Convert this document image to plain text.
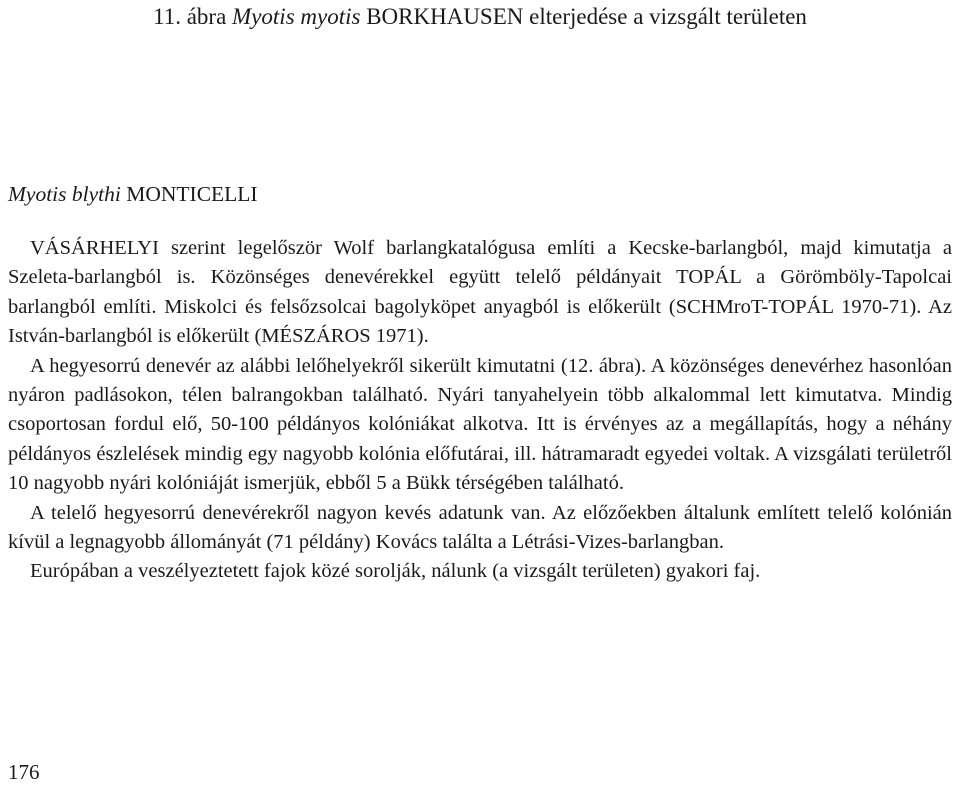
11. ábra Myotis myotis BORKHAUSEN elterjedése a vizsgált területen
Myotis blythi MONTICELLI

VÁSÁRHELYI szerint legelőször Wolf barlangkatalógusa említi a Kecske-barlangból, majd kimutatja a Szeleta-barlangból is. Közönséges denevérekkel együtt telelő példányait TOPÁL a Görömböly-Tapolcai barlangból említi. Miskolci és felsőzsolcai bagolyköpet anyagból is előkerült (SCHMroT-TOPÁL 1970-71). Az István-barlangból is előkerült (MÉSZÁROS 1971).

A hegyesorrú denevér az alábbi lelőhelyekről sikerült kimutatni (12. ábra). A közönséges denevérhez hasonlóan nyáron padlásokon, télen balrangokban található. Nyári tanyahelyein több alkalommal lett kimutatva. Mindig csoportosan fordul elő, 50-100 példányos kolóniákat alkotva. Itt is érvényes az a megállapítás, hogy a néhány példányos észlelések mindig egy nagyobb kolónia előfutárai, ill. hátramaradt egyedei voltak. A vizsgálati területről 10 nagyobb nyári kolóniáját ismerjük, ebből 5 a Bükk térségében található.

A telelő hegyesorrú denevérekről nagyon kevés adatunk van. Az előzőekben általunk említett telelő kolónián kívül a legnagyobb állományát (71 példány) Kovács találta a Létrási-Vizes-barlangban.

Európában a veszélyeztetett fajok közé sorolják, nálunk (a vizsgált területen) gyakori faj.

176
